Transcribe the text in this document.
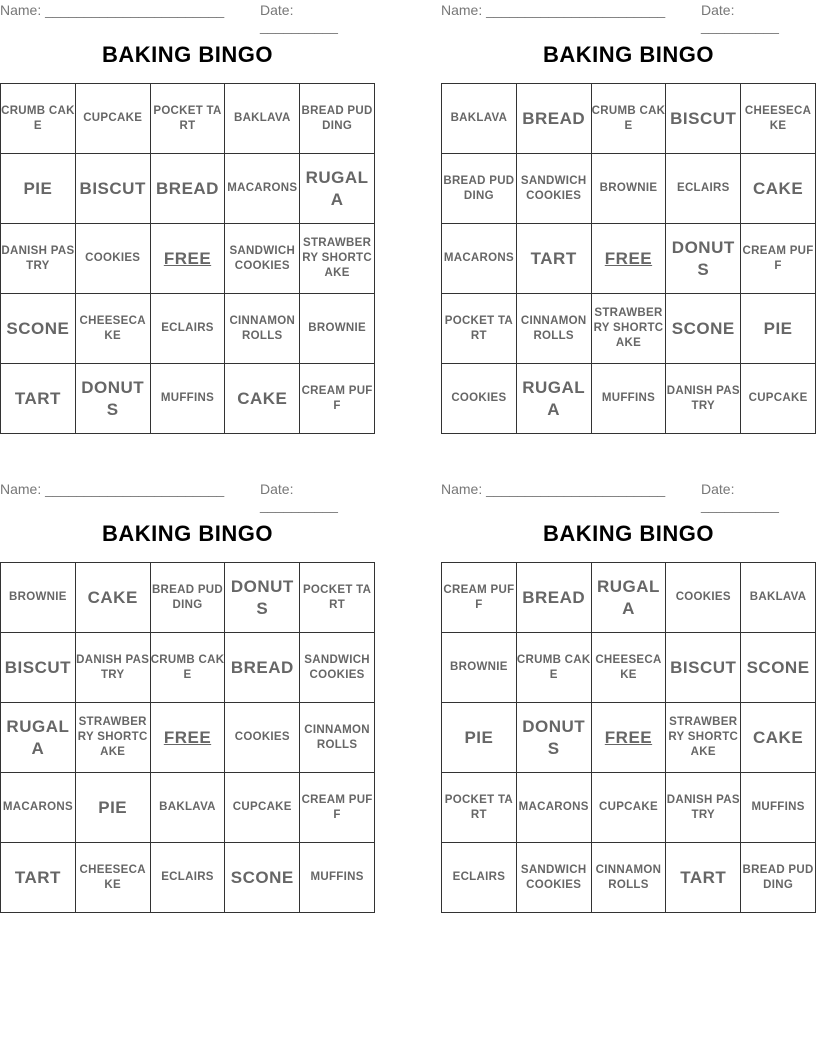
Name: _______________________	Date: __________
BAKING BINGO
CRUMB CAKE	CUPCAKE	POCKET TART	BAKLAVA	BREAD PUDDING
PIE	BISCUT	BREAD	MACARONS	RUGALA
DANISH PASTRY	COOKIES	FREE	SANDWICH COOKIES	STRAWBERRY SHORTCAKE
SCONE	CHEESECAKE	ECLAIRS	CINNAMON ROLLS	BROWNIE
TART	DONUTS	MUFFINS	CAKE	CREAM PUFF
Name: _______________________	Date: __________
BAKING BINGO
BAKLAVA	BREAD	CRUMB CAKE	BISCUT	CHEESECAKE
BREAD PUDDING	SANDWICH COOKIES	BROWNIE	ECLAIRS	CAKE
MACARONS	TART	FREE	DONUTS	CREAM PUFF
POCKET TART	CINNAMON ROLLS	STRAWBERRY SHORTCAKE	SCONE	PIE
COOKIES	RUGALA	MUFFINS	DANISH PASTRY	CUPCAKE
Name: _______________________	Date: __________
BAKING BINGO
BROWNIE	CAKE	BREAD PUDDING	DONUTS	POCKET TART
BISCUT	DANISH PASTRY	CRUMB CAKE	BREAD	SANDWICH COOKIES
RUGALA	STRAWBERRY SHORTCAKE	FREE	COOKIES	CINNAMON ROLLS
MACARONS	PIE	BAKLAVA	CUPCAKE	CREAM PUFF
TART	CHEESECAKE	ECLAIRS	SCONE	MUFFINS
Name: _______________________	Date: __________
BAKING BINGO
CREAM PUFF	BREAD	RUGALA	COOKIES	BAKLAVA
BROWNIE	CRUMB CAKE	CHEESECAKE	BISCUT	SCONE
PIE	DONUTS	FREE	STRAWBERRY SHORTCAKE	CAKE
POCKET TART	MACARONS	CUPCAKE	DANISH PASTRY	MUFFINS
ECLAIRS	SANDWICH COOKIES	CINNAMON ROLLS	TART	BREAD PUDDING
